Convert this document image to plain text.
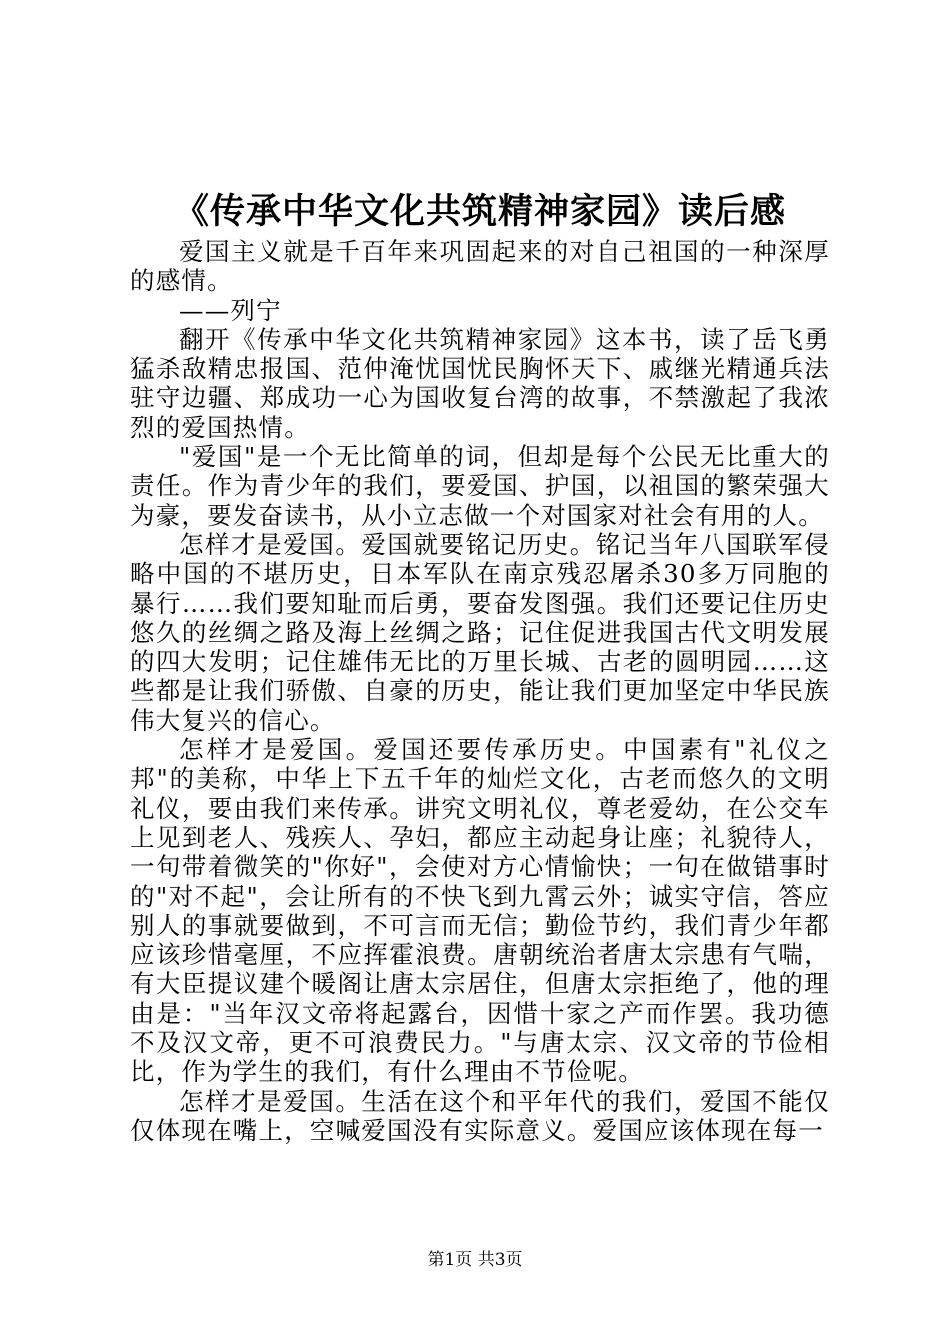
《传承中华文化共筑精神家园》读后感

爱国主义就是千百年来巩固起来的对自己祖国的一种深厚的感情。

——列宁

翻开《传承中华文化共筑精神家园》这本书，读了岳飞勇猛杀敌精忠报国、范仲淹忧国忧民胸怀天下、戚继光精通兵法驻守边疆、郑成功一心为国收复台湾的故事，不禁激起了我浓烈的爱国热情。

"爱国"是一个无比简单的词，但却是每个公民无比重大的责任。作为青少年的我们，要爱国、护国，以祖国的繁荣强大为豪，要发奋读书，从小立志做一个对国家对社会有用的人。

怎样才是爱国。爱国就要铭记历史。铭记当年八国联军侵略中国的不堪历史，日本军队在南京残忍屠杀30多万同胞的暴行……我们要知耻而后勇，要奋发图强。我们还要记住历史悠久的丝绸之路及海上丝绸之路；记住促进我国古代文明发展的四大发明；记住雄伟无比的万里长城、古老的圆明园……这些都是让我们骄傲、自豪的历史，能让我们更加坚定中华民族伟大复兴的信心。

怎样才是爱国。爱国还要传承历史。中国素有"礼仪之邦"的美称，中华上下五千年的灿烂文化，古老而悠久的文明礼仪，要由我们来传承。讲究文明礼仪，尊老爱幼，在公交车上见到老人、残疾人、孕妇，都应主动起身让座；礼貌待人，一句带着微笑的"你好"，会使对方心情愉快；一句在做错事时的"对不起"，会让所有的不快飞到九霄云外；诚实守信，答应别人的事就要做到，不可言而无信；勤俭节约，我们青少年都应该珍惜毫厘，不应挥霍浪费。唐朝统治者唐太宗患有气喘，有大臣提议建个暖阁让唐太宗居住，但唐太宗拒绝了，他的理由是："当年汉文帝将起露台，因惜十家之产而作罢。我功德不及汉文帝，更不可浪费民力。"与唐太宗、汉文帝的节俭相比，作为学生的我们，有什么理由不节俭呢。

怎样才是爱国。生活在这个和平年代的我们，爱国不能仅仅体现在嘴上，空喊爱国没有实际意义。爱国应该体现在每一

第1页 共3页
